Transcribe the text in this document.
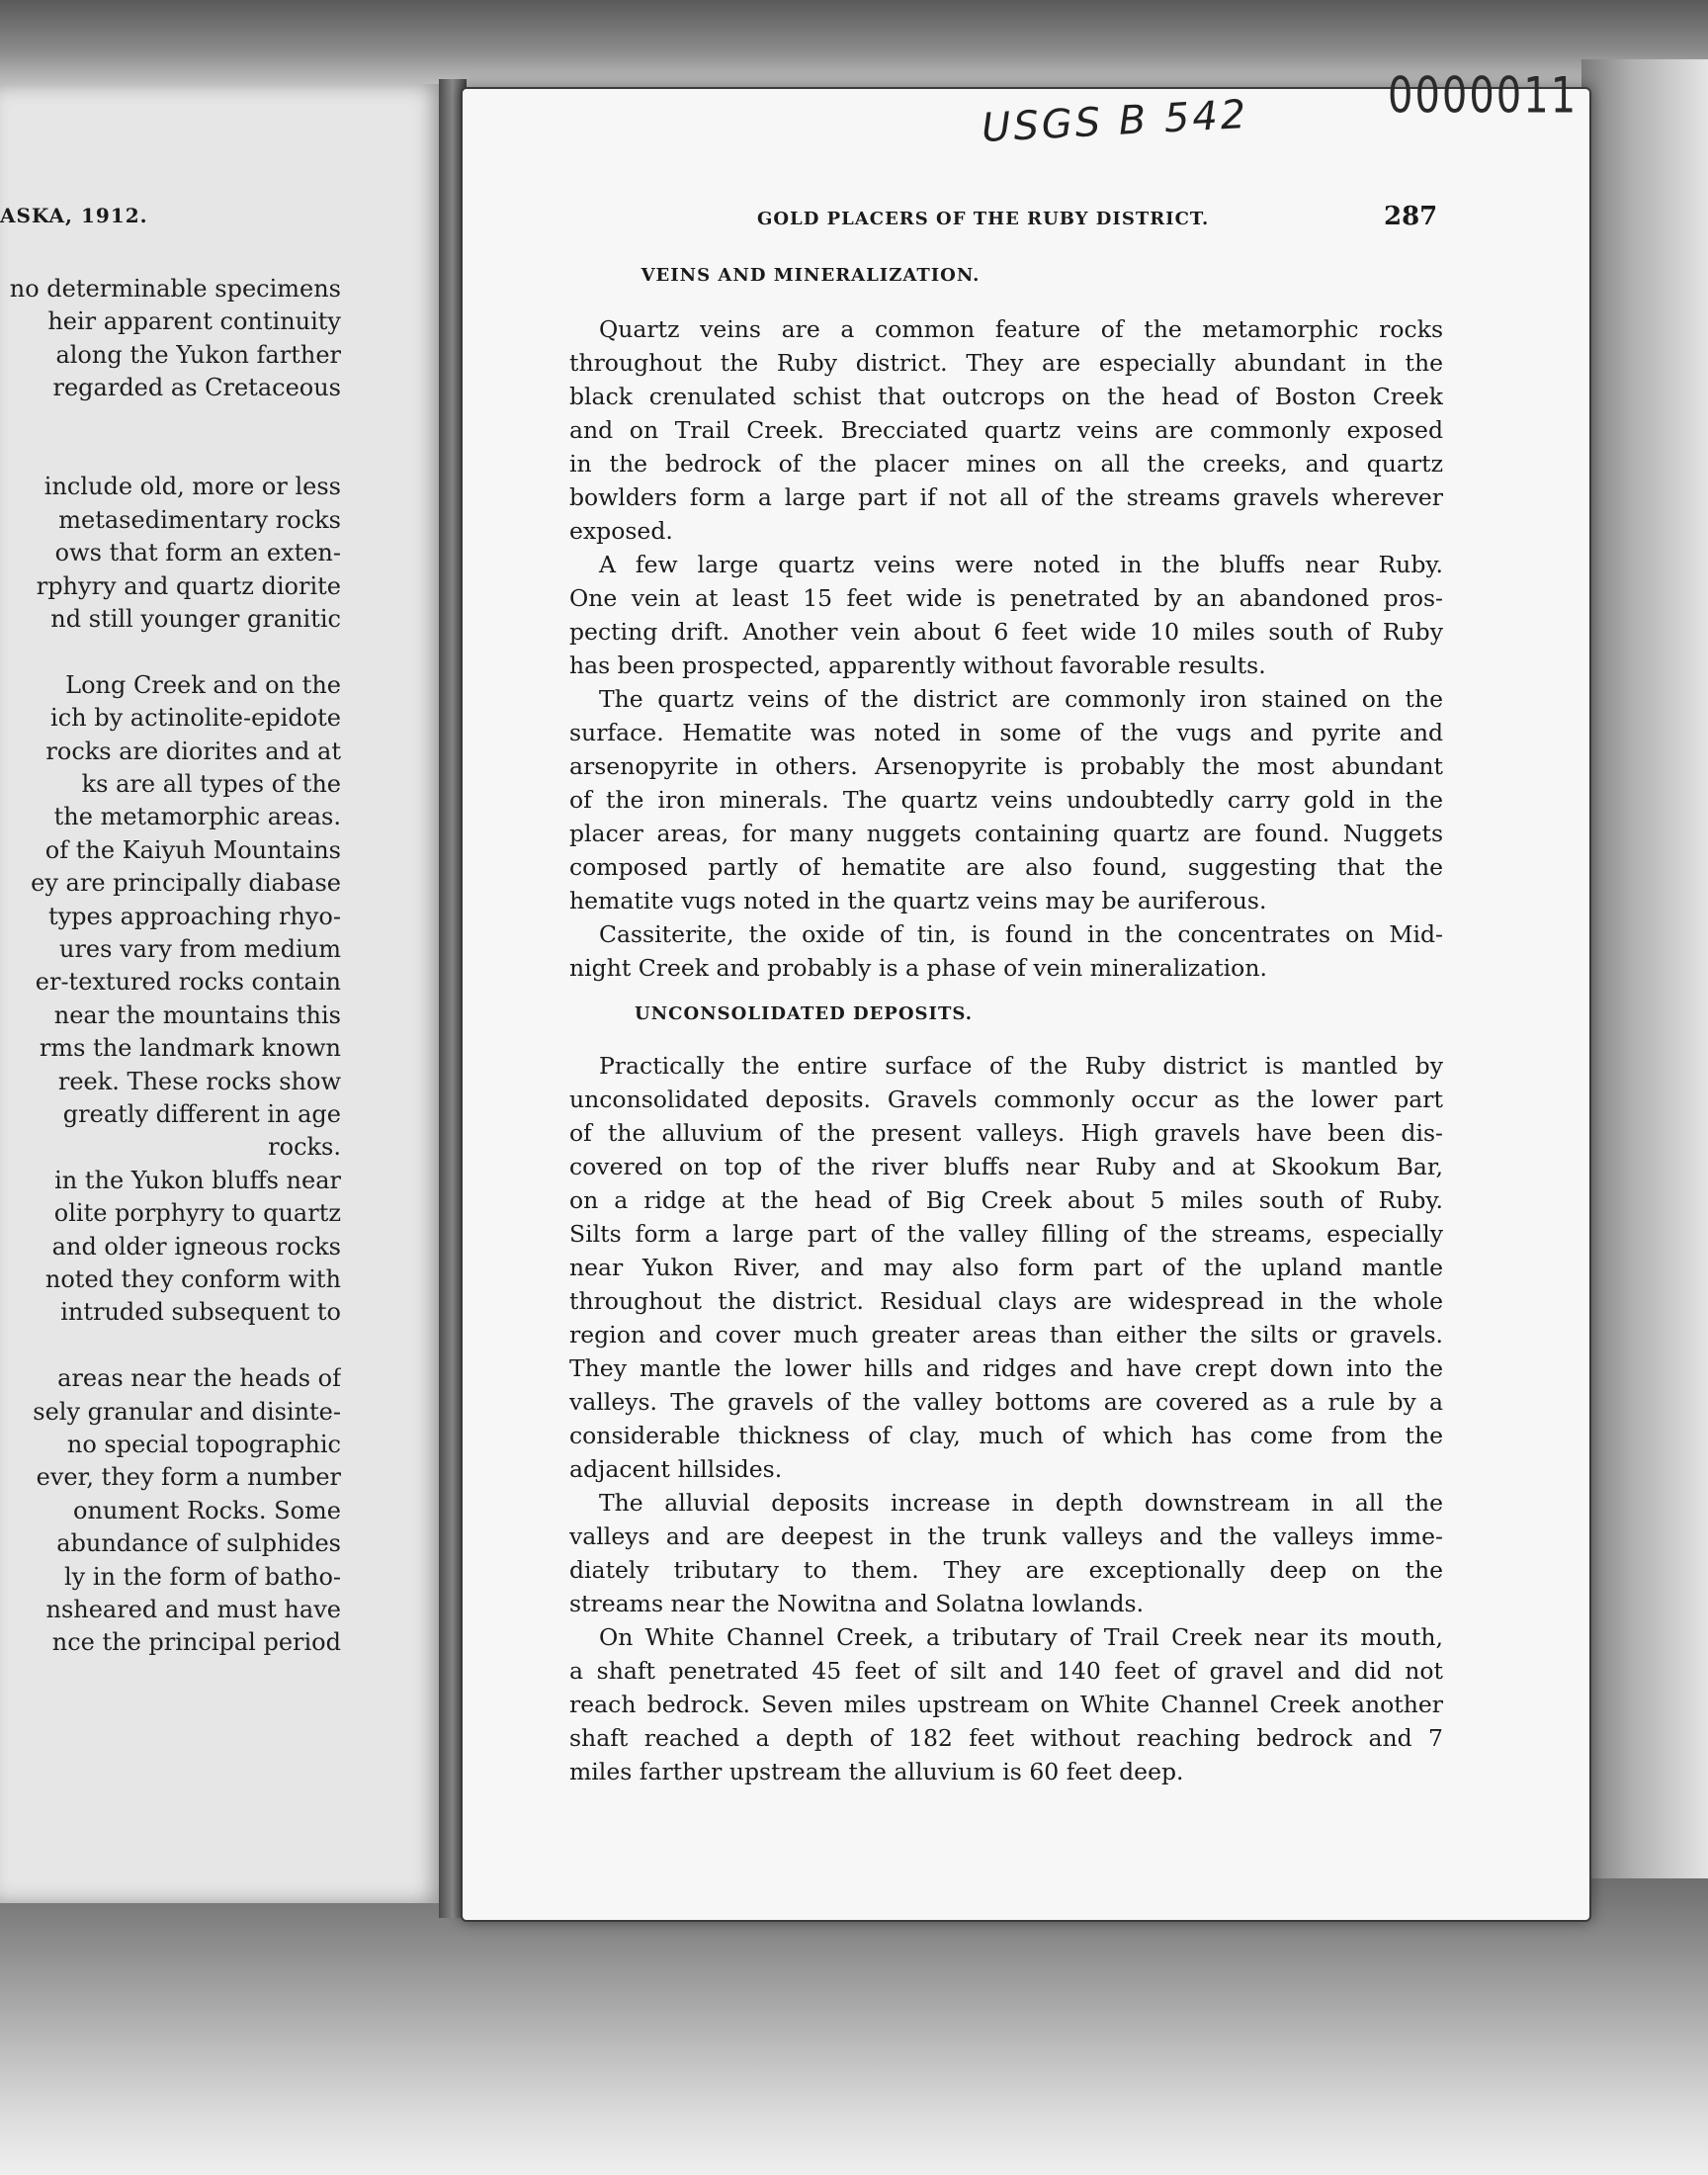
ASKA, 1912.
no determinable specimens
heir apparent continuity
along the Yukon farther
regarded as Cretaceous
include old, more or less
metasedimentary rocks
ows that form an exten-
rphyry and quartz diorite
nd still younger granitic
Long Creek and on the
ich by actinolite-epidote
rocks are diorites and at
ks are all types of the
the metamorphic areas.
of the Kaiyuh Mountains
ey are principally diabase
types approaching rhyo-
ures vary from medium
er-textured rocks contain
near the mountains this
rms the landmark known
reek. These rocks show
greatly different in age
rocks.
in the Yukon bluffs near
olite porphyry to quartz
and older igneous rocks
noted they conform with
intruded subsequent to
areas near the heads of
sely granular and disinte-
no special topographic
ever, they form a number
onument Rocks. Some
abundance of sulphides
ly in the form of batho-
nsheared and must have
nce the principal period
USGS B 542	0000011
GOLD PLACERS OF THE RUBY DISTRICT.	287
VEINS AND MINERALIZATION.
Quartz veins are a common feature of the metamorphic rocks
throughout the Ruby district. They are especially abundant in the
black crenulated schist that outcrops on the head of Boston Creek
and on Trail Creek. Brecciated quartz veins are commonly exposed
in the bedrock of the placer mines on all the creeks, and quartz
bowlders form a large part if not all of the streams gravels wherever
exposed.
A few large quartz veins were noted in the bluffs near Ruby.
One vein at least 15 feet wide is penetrated by an abandoned pros-
pecting drift. Another vein about 6 feet wide 10 miles south of Ruby
has been prospected, apparently without favorable results.
The quartz veins of the district are commonly iron stained on the
surface. Hematite was noted in some of the vugs and pyrite and
arsenopyrite in others. Arsenopyrite is probably the most abundant
of the iron minerals. The quartz veins undoubtedly carry gold in the
placer areas, for many nuggets containing quartz are found. Nuggets
composed partly of hematite are also found, suggesting that the
hematite vugs noted in the quartz veins may be auriferous.
Cassiterite, the oxide of tin, is found in the concentrates on Mid-
night Creek and probably is a phase of vein mineralization.
UNCONSOLIDATED DEPOSITS.
Practically the entire surface of the Ruby district is mantled by
unconsolidated deposits. Gravels commonly occur as the lower part
of the alluvium of the present valleys. High gravels have been dis-
covered on top of the river bluffs near Ruby and at Skookum Bar,
on a ridge at the head of Big Creek about 5 miles south of Ruby.
Silts form a large part of the valley filling of the streams, especially
near Yukon River, and may also form part of the upland mantle
throughout the district. Residual clays are widespread in the whole
region and cover much greater areas than either the silts or gravels.
They mantle the lower hills and ridges and have crept down into the
valleys. The gravels of the valley bottoms are covered as a rule by a
considerable thickness of clay, much of which has come from the
adjacent hillsides.
The alluvial deposits increase in depth downstream in all the
valleys and are deepest in the trunk valleys and the valleys imme-
diately tributary to them. They are exceptionally deep on the
streams near the Nowitna and Solatna lowlands.
On White Channel Creek, a tributary of Trail Creek near its mouth,
a shaft penetrated 45 feet of silt and 140 feet of gravel and did not
reach bedrock. Seven miles upstream on White Channel Creek another
shaft reached a depth of 182 feet without reaching bedrock and 7
miles farther upstream the alluvium is 60 feet deep.
